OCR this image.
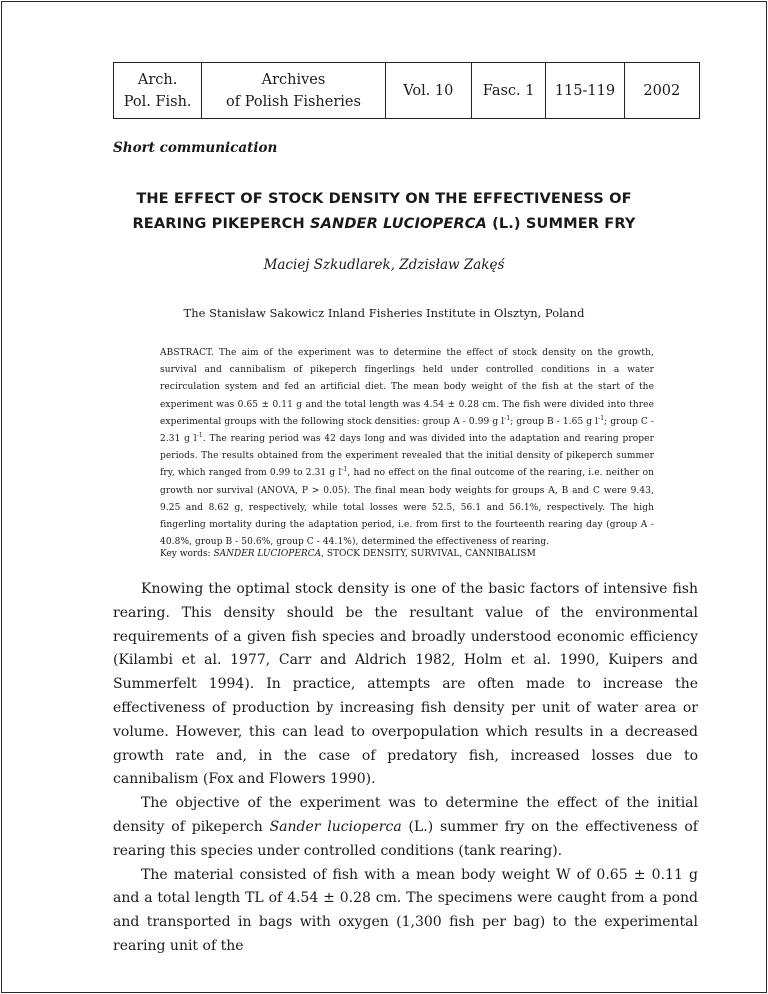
Arch.
Pol. Fish.
Archives
of Polish Fisheries
Vol. 10 Fasc. 1 115-119 2002
Short communication
THE EFFECT OF STOCK DENSITY ON THE EFFECTIVENESS OF
REARING PIKEPERCH SANDER LUCIOPERCA (L.) SUMMER FRY
Maciej Szkudlarek, Zdzisław Zakęś
The Stanisław Sakowicz Inland Fisheries Institute in Olsztyn, Poland
ABSTRACT. The aim of the experiment was to determine the effect of stock density on the growth, survival and cannibalism of pikeperch fingerlings held under controlled conditions in a water recirculation system and fed an artificial diet. The mean body weight of the fish at the start of the experiment was 0.65 ± 0.11 g and the total length was 4.54 ± 0.28 cm. The fish were divided into three experimental groups with the following stock densities: group A - 0.99 g $l^{-1}$; group B - 1.65 g $l^{-1}$; group C - 2.31 g $l^{-1}$. The rearing period was 42 days long and was divided into the adaptation and rearing proper periods. The results obtained from the experiment revealed that the initial density of pikeperch summer fry, which ranged from 0.99 to 2.31 g $l^{-1}$, had no effect on the final outcome of the rearing, i.e. neither on growth nor survival (ANOVA, P > 0.05). The final mean body weights for groups A, B and C were 9.43, 9.25 and 8.62 g, respectively, while total losses were 52.5, 56.1 and 56.1%, respectively. The high fingerling mortality during the adaptation period, i.e. from first to the fourteenth rearing day (group A - 40.8%, group B - 50.6%, group C - 44.1%), determined the effectiveness of rearing.
Key words: SANDER LUCIOPERCA, STOCK DENSITY, SURVIVAL, CANNIBALISM

Knowing the optimal stock density is one of the basic factors of intensive fish rearing. This density should be the resultant value of the environmental requirements of a given fish species and broadly understood economic efficiency (Kilambi et al. 1977, Carr and Aldrich 1982, Holm et al. 1990, Kuipers and Summerfelt 1994). In practice, attempts are often made to increase the effectiveness of production by increasing fish density per unit of water area or volume. However, this can lead to overpopulation which results in a decreased growth rate and, in the case of predatory fish, increased losses due to cannibalism (Fox and Flowers 1990).

The objective of the experiment was to determine the effect of the initial density of pikeperch Sander lucioperca (L.) summer fry on the effectiveness of rearing this species under controlled conditions (tank rearing).

The material consisted of fish with a mean body weight W of 0.65 ± 0.11 g and a total length TL of 4.54 ± 0.28 cm. The specimens were caught from a pond and transported in bags with oxygen (1,300 fish per bag) to the experimental rearing unit of the
